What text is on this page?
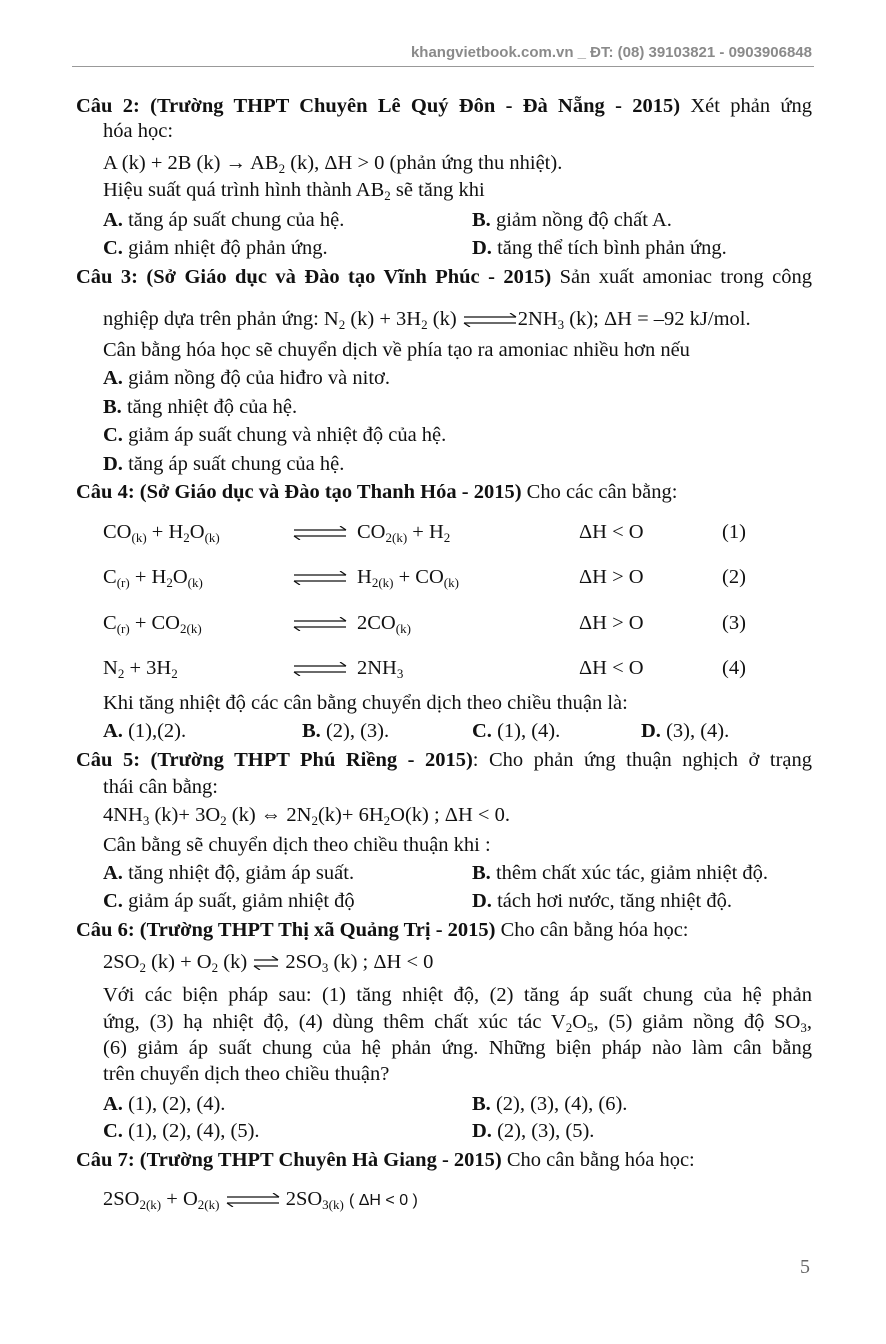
khangvietbook.com.vn _ ĐT: (08) 39103821 - 0903906848
Câu 2: (Trường THPT Chuyên Lê Quý Đôn - Đà Nẵng - 2015) Xét phản ứng
hóa học:
A (k) + 2B $(k) \to AB_2$ (k), ΔH > 0 (phản ứng thu nhiệt).
Hiệu suất quá trình hình thành $AB_2$ sẽ tăng khi
A. tăng áp suất chung của hệ.	B. giảm nồng độ chất A.
C. giảm nhiệt độ phản ứng.	D. tăng thể tích bình phản ứng.
Câu 3: (Sở Giáo dục và Đào tạo Vĩnh Phúc - 2015) Sản xuất amoniac trong công
nghiệp dựa trên phản ứng: $N_2$ $(k) + 3H_2$ (k) $\rightleftharpoons 2NH_3$ (k); ΔH = –92 kJ/mol.
Cân bằng hóa học sẽ chuyển dịch về phía tạo ra amoniac nhiều hơn nếu
A. giảm nồng độ của hiđro và nitơ.
B. tăng nhiệt độ của hệ.
C. giảm áp suất chung và nhiệt độ của hệ.
D. tăng áp suất chung của hệ.
Câu 4: (Sở Giáo dục và Đào tạo Thanh Hóa - 2015) Cho các cân bằng:
$CO_{(k)} + H_2O_{(k)}$	$CO_{2(k)} + H_2$	ΔH < O	(1)
$C_{(r)} + H_2O_{(k)}$	$H_{2(k)} + CO_{(k)}$	ΔH > O	(2)
$C_{(r)} + CO_{2(k)}$	$2CO_{(k)}$	ΔH > O	(3)
$N_2 + 3H_2$	$2NH_3$	ΔH < O	(4)
Khi tăng nhiệt độ các cân bằng chuyển dịch theo chiều thuận là:
A. (1),(2).	B. (2), (3).	C. (1), (4).	D. (3), (4).
Câu 5: (Trường THPT Phú Riềng - 2015): Cho phản ứng thuận nghịch ở trạng
thái cân bằng:
$4NH_3$ $(k)+ 3O_2$ (k) ⇔ $2N_2(k)+ 6H_2O(k)$ ; ΔH < 0.
Cân bằng sẽ chuyển dịch theo chiều thuận khi :
A. tăng nhiệt độ, giảm áp suất.	B. thêm chất xúc tác, giảm nhiệt độ.
C. giảm áp suất, giảm nhiệt độ	D. tách hơi nước, tăng nhiệt độ.
Câu 6: (Trường THPT Thị xã Quảng Trị - 2015) Cho cân bằng hóa học:
$2SO_2$ $(k) + O_2$ (k) ⇌ $2SO_3$ (k) ; ΔH < 0
Với các biện pháp sau: (1) tăng nhiệt độ, (2) tăng áp suất chung của hệ phản
ứng, (3) hạ nhiệt độ, (4) dùng thêm chất xúc tác $V_2O_5$, (5) giảm nồng độ $SO_3$,
(6) giảm áp suất chung của hệ phản ứng. Những biện pháp nào làm cân bằng
trên chuyển dịch theo chiều thuận?
A. (1), (2), (4).	B. (2), (3), (4), (6).
C. (1), (2), (4), (5).	D. (2), (3), (5).
Câu 7: (Trường THPT Chuyên Hà Giang - 2015) Cho cân bằng hóa học:
$2SO_{2(k)} + O_{2(k)}$ ⇌ $2SO_{3(k)}$ ( ΔH < 0 )
5
